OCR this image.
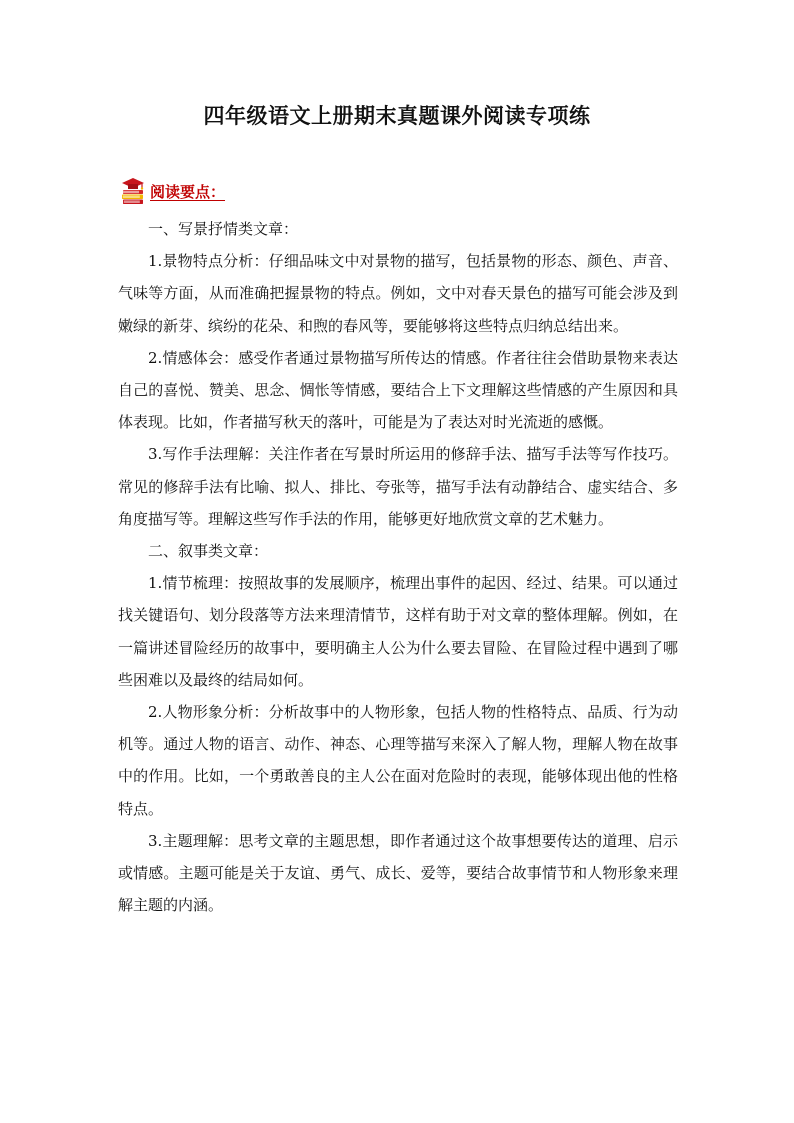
四年级语文上册期末真题课外阅读专项练
阅读要点：

一、写景抒情类文章：

1.景物特点分析：仔细品味文中对景物的描写，包括景物的形态、颜色、声音、气味等方面，从而准确把握景物的特点。例如，文中对春天景色的描写可能会涉及到嫩绿的新芽、缤纷的花朵、和煦的春风等，要能够将这些特点归纳总结出来。

2.情感体会：感受作者通过景物描写所传达的情感。作者往往会借助景物来表达自己的喜悦、赞美、思念、惆怅等情感，要结合上下文理解这些情感的产生原因和具体表现。比如，作者描写秋天的落叶，可能是为了表达对时光流逝的感慨。

3.写作手法理解：关注作者在写景时所运用的修辞手法、描写手法等写作技巧。常见的修辞手法有比喻、拟人、排比、夸张等，描写手法有动静结合、虚实结合、多角度描写等。理解这些写作手法的作用，能够更好地欣赏文章的艺术魅力。

二、叙事类文章：

1.情节梳理：按照故事的发展顺序，梳理出事件的起因、经过、结果。可以通过找关键语句、划分段落等方法来理清情节，这样有助于对文章的整体理解。例如，在一篇讲述冒险经历的故事中，要明确主人公为什么要去冒险、在冒险过程中遇到了哪些困难以及最终的结局如何。

2.人物形象分析：分析故事中的人物形象，包括人物的性格特点、品质、行为动机等。通过人物的语言、动作、神态、心理等描写来深入了解人物，理解人物在故事中的作用。比如，一个勇敢善良的主人公在面对危险时的表现，能够体现出他的性格特点。

3.主题理解：思考文章的主题思想，即作者通过这个故事想要传达的道理、启示或情感。主题可能是关于友谊、勇气、成长、爱等，要结合故事情节和人物形象来理解主题的内涵。
